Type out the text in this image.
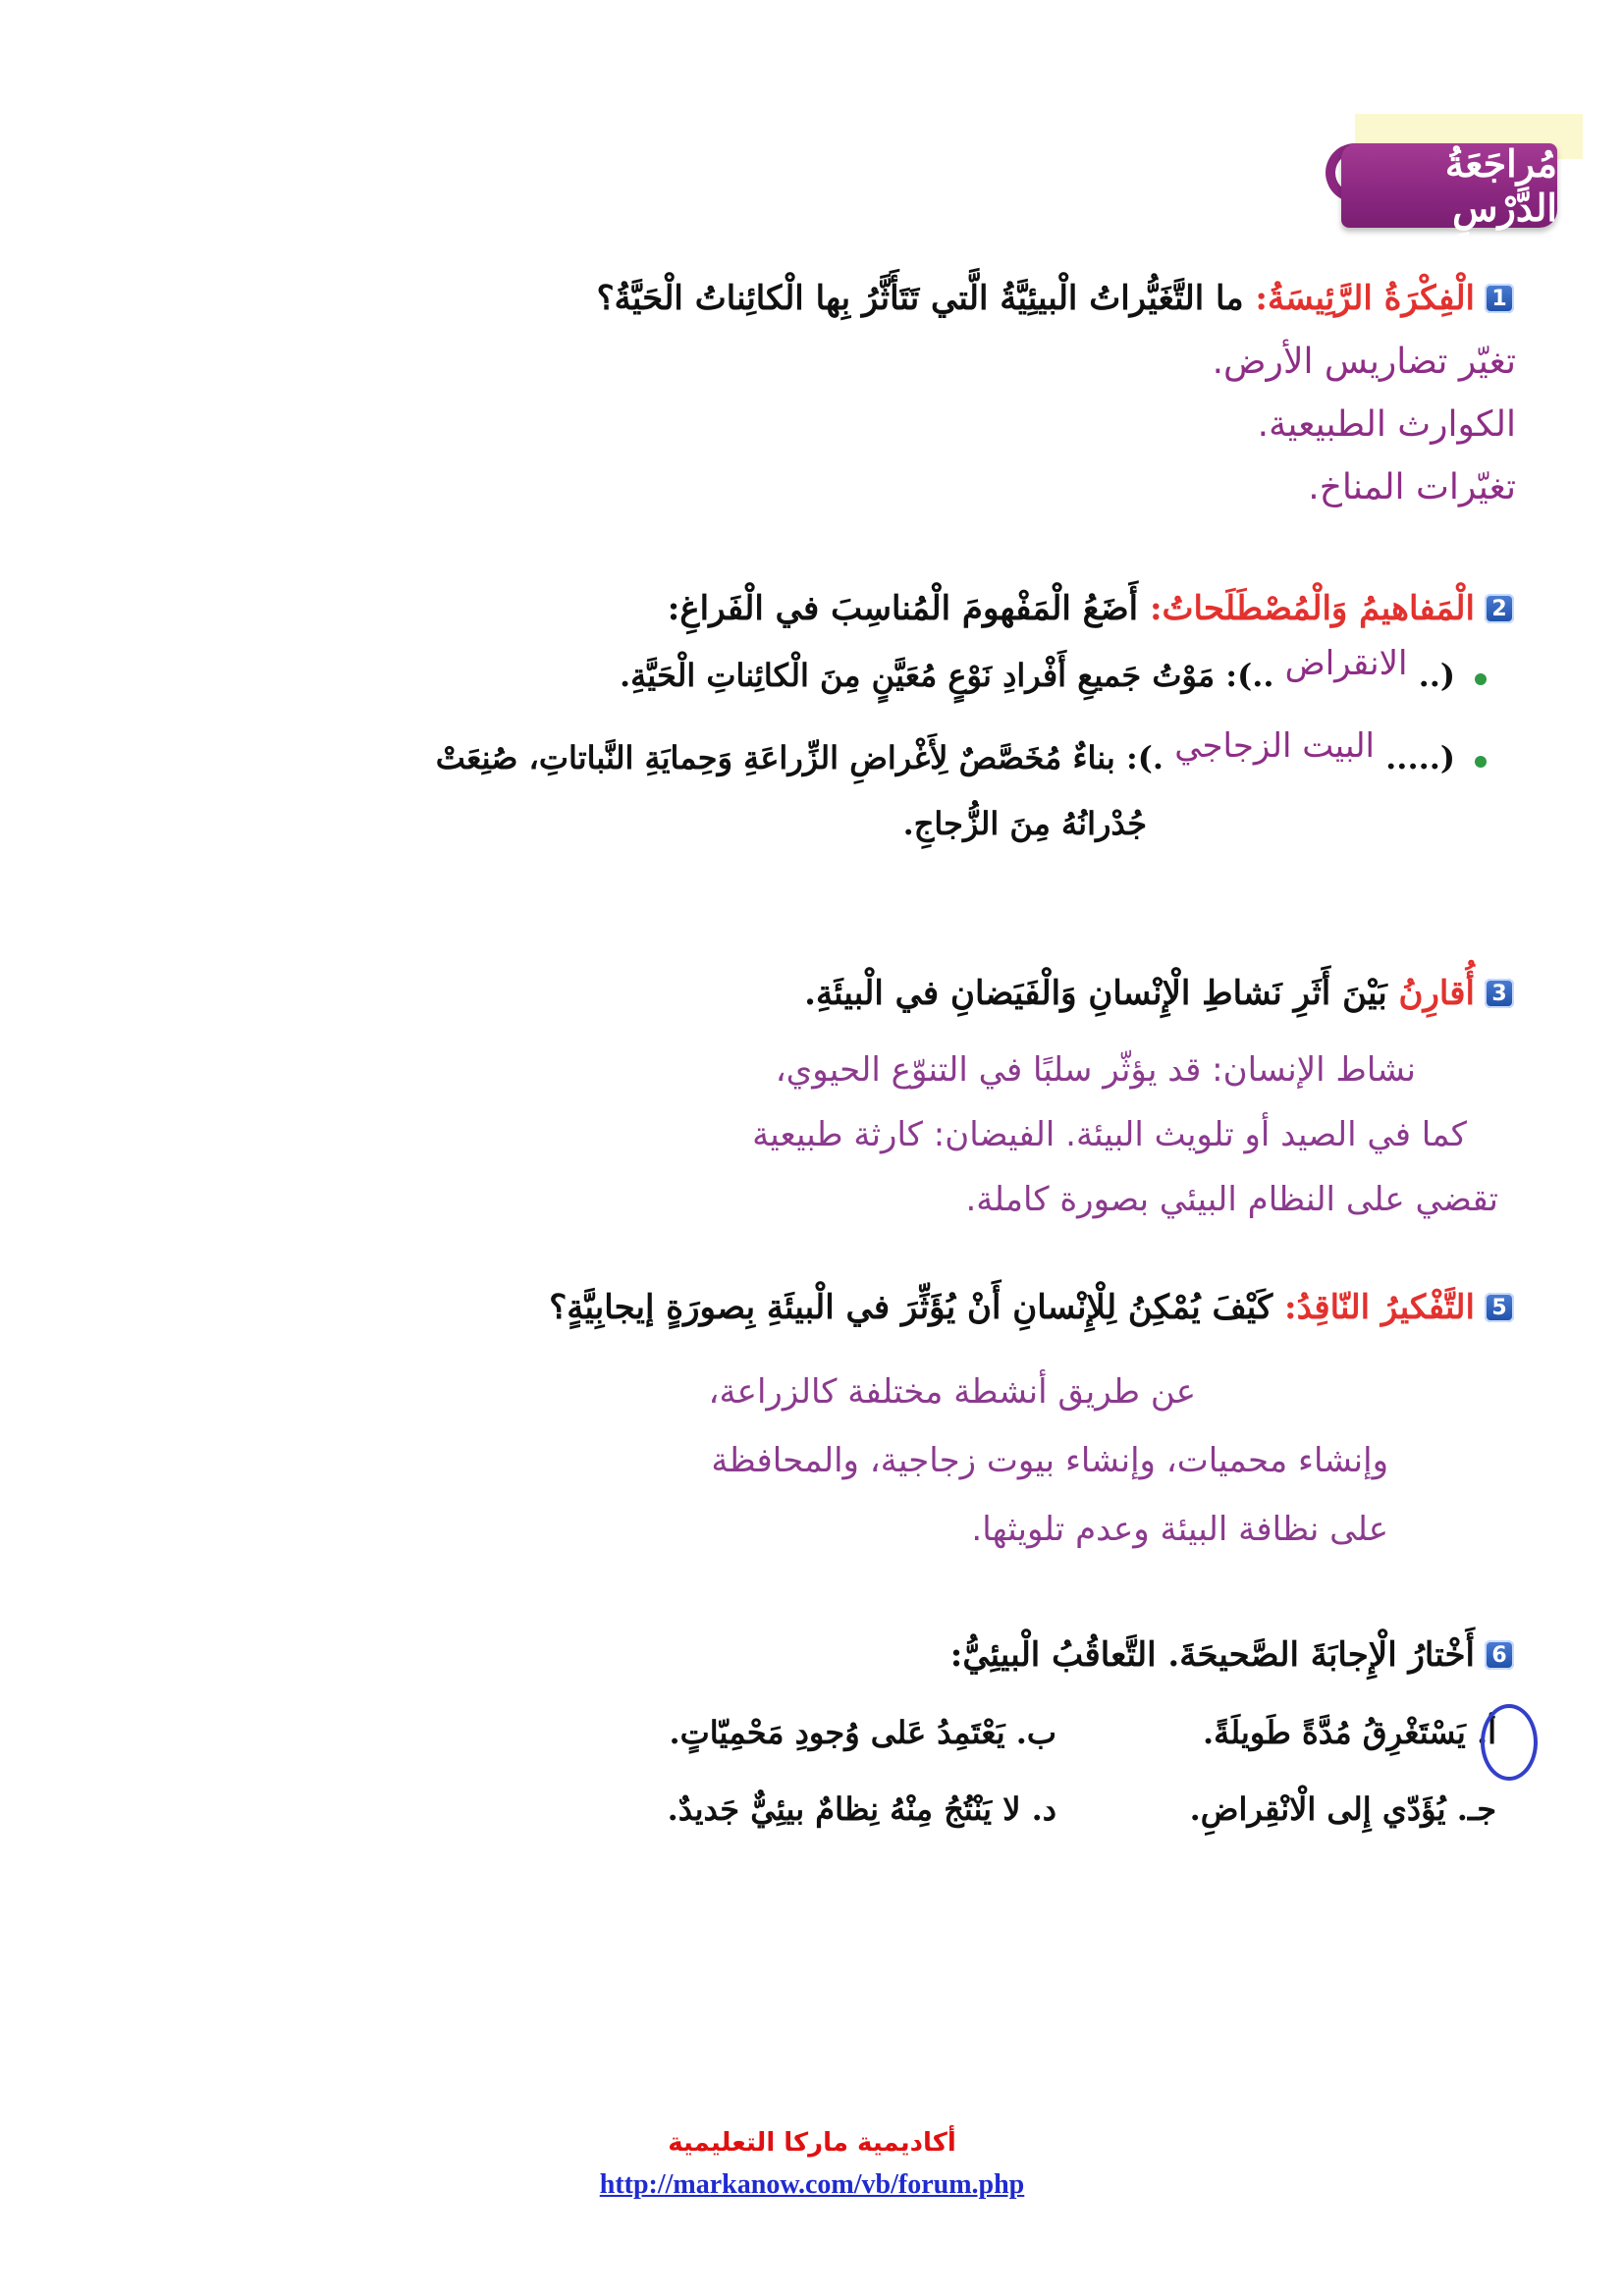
مُراجَعَةُ الدَّرْسِ
1
الْفِكْرَةُ الرَّئِيسَةُ: ما التَّغَيُّراتُ الْبيئِيَّةُ الَّتي تَتَأَثَّرُ بِها الْكائِناتُ الْحَيَّةُ؟
تغيّر تضاريس الأرض.
الكوارث الطبيعية.
تغيّرات المناخ.
2
الْمَفاهيمُ وَالْمُصْطَلَحاتُ: أَضَعُ الْمَفْهومَ الْمُناسِبَ في الْفَراغِ:
(.. الانقراض ..): مَوْتُ جَميعِ أَفْرادِ نَوْعٍ مُعَيَّنٍ مِنَ الْكائِناتِ الْحَيَّةِ.
(..... البيت الزجاجي .): بناءٌ مُخَصَّصٌ لِأَغْراضِ الزِّراعَةِ وَحِمايَةِ النَّباتاتِ، صُنِعَتْ
جُدْرانُهُ مِنَ الزُّجاجِ.
3
أُقارِنُ بَيْنَ أَثَرِ نَشاطِ الْإِنْسانِ وَالْفَيَضانِ في الْبيئَةِ.
نشاط الإنسان: قد يؤثّر سلبًا في التنوّع الحيوي،
كما في الصيد أو تلويث البيئة. الفيضان: كارثة طبيعية
تقضي على النظام البيئي بصورة كاملة.
5
التَّفْكيرُ النّاقِدُ: كَيْفَ يُمْكِنُ لِلْإِنْسانِ أَنْ يُؤَثِّرَ في الْبيئَةِ بِصورَةٍ إيجابِيَّةٍ؟
عن طريق أنشطة مختلفة كالزراعة،
وإنشاء محميات، وإنشاء بيوت زجاجية، والمحافظة
على نظافة البيئة وعدم تلويثها.
6
أَخْتارُ الْإِجابَةَ الصَّحيحَةَ. التَّعاقُبُ الْبيئِيُّ:
أ. يَسْتَغْرِقُ مُدَّةً طَويلَةً.
ب. يَعْتَمِدُ عَلى وُجودِ مَحْمِيّاتٍ.
جـ. يُؤَدّي إِلى الْانْقِراضِ.
د. لا يَنْتُجُ مِنْهُ نِظامٌ بيئِيٌّ جَديدٌ.
أكاديمية ماركا التعليمية
http://markanow.com/vb/forum.php
